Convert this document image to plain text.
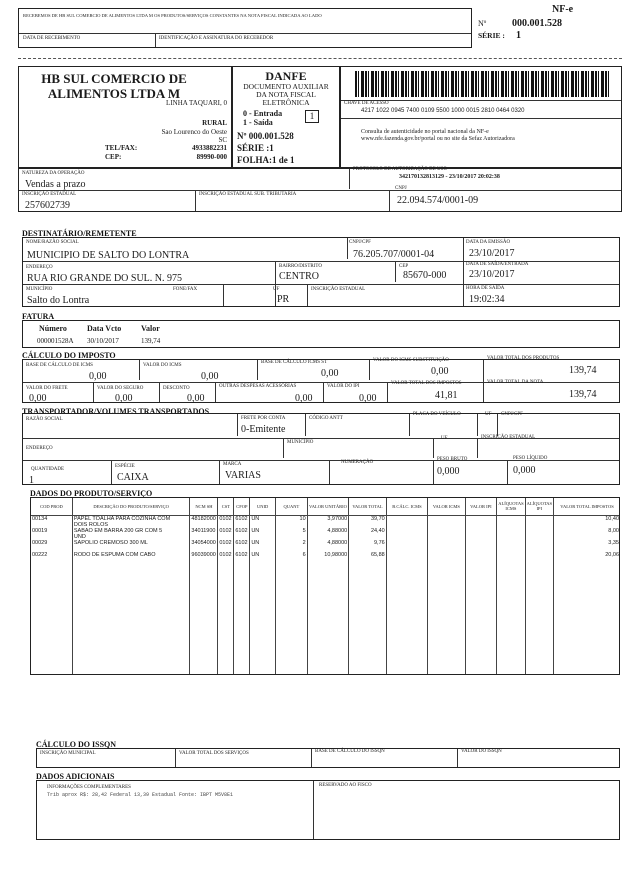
RECEBEMOS DE HB SUL COMERCIO DE ALIMENTOS LTDA M OS PRODUTOS/SERVIÇOS CONSTANTES NA NOTA FISCAL INDICADA AO LADO
DATA DE RECEBIMENTO	IDENTIFICAÇÃO E ASSINATURA DO RECEBEDOR
NF-e
Nº	000.001.528
SÉRIE : 1
HB SUL COMERCIO DE ALIMENTOS LTDA M
LINHA TAQUARI, 0
RURAL
Sao Lourenco do Oeste
SC
TEL/FAX:	4933882231
CEP:	89990-000
DANFE
DOCUMENTO AUXILIAR
DA NOTA FISCAL
ELETRÔNICA
0 - Entrada
1 - Saída
1
Nº 000.001.528
SÉRIE :1
FOLHA:1 de 1
CHAVE DE ACESSO
4217 1022 0945 7400 0109 5500 1000 0015 2810 0464 0320
Consulta de autenticidade no portal nacional da NF-e www.nfe.fazenda.gov.br/portal ou no site da Sefaz Autorizadora
NATUREZA DA OPERAÇÃO
Vendas a prazo
PROTOCOLO DE AUTORIZAÇÃO DE USO
342170132813129 - 23/10/2017 20:02:38
INSCRIÇÃO ESTADUAL
257602739
INSCRIÇÃO ESTADUAL SUB. TRIBUTARIA
CNPJ
22.094.574/0001-09
DESTINATÁRIO/REMETENTE
NOME/RAZÃO SOCIAL
MUNICIPIO DE SALTO DO LONTRA
CNPJ/CPF
76.205.707/0001-04
DATA DA EMISSÃO
23/10/2017
ENDEREÇO
RUA RIO GRANDE DO SUL. N. 975
BAIRRO/DISTRITO
CENTRO
CEP
85670-000
DATA DE SAÍDA/ENTRADA
23/10/2017
MUNICÍPIO
Salto do Lontra
FONE/FAX	UF
PR
INSCRIÇÃO ESTADUAL	HORA DE SAÍDA
19:02:34
FATURA
Número	Data Vcto Valor
000001528A 30/10/2017	139,74
CÁLCULO DO IMPOSTO
BASE DE CÁLCULO DE ICMS
0,00
VALOR DO ICMS
0,00
BASE DE CÁLCULO ICMS ST
0,00
VALOR DO ICMS SUBSTITUIÇÃO
0,00
VALOR TOTAL DOS PRODUTOS
139,74
VALOR DO FRETE
0,00
VALOR DO SEGURO
0,00
DESCONTO
0,00
OUTRAS DESPESAS ACESSÓRIAS
0,00
VALOR DO IPI
0,00
VALOR TOTAL DOS IMPOSTOS
41,81
VALOR TOTAL DA NOTA
139,74
TRANSPORTADOR/VOLUMES TRANSPORTADOS
RAZÃO SOCIAL	FRETE POR CONTA
0-Emitente
CÓDIGO ANTT
PLACA DO VEÍCULO	UF CNPJ/CPF
ENDEREÇO
MUNICÍPIO
UF	INSCRIÇÃO ESTADUAL
QUANTIDADE
1
ESPÉCIE
CAIXA
MARCA
VARIAS
NUMERAÇÃO
PESO BRUTO
0,000
PESO LÍQUIDO
0,000
DADOS DO PRODUTO/SERVIÇO
COD PROD	DESCRIÇÃO DO PRODUTO/SERVIÇO	NCM SH	CST	CFOP	UNID	QUANT	VALOR UNITÁRIO	VALOR TOTAL	B.CÁLC. ICMS	VALOR ICMS	VALOR IPI	ALÍQUOTAS ICMS	ALÍQUOTAS IPI	VALOR TOTAL IMPOSTOS
00134	PAPEL TOALHA PARA COZINHA COM
DOIS ROLOS	48182000	0102	6102	UN	10	3,97000	39,70						10,40
00019	SABAO EM BARRA 200 GR COM 5
UND	34011900	0102	6102	UN	5	4,88000	24,40						8,00
00029	SAPOLIO CREMOSO 300 ML	34054000	0102	6102	UN	2	4,88000	9,76						3,35
00222	RODO DE ESPUMA COM CABO	96039000	0102	6102	UN	6	10,98000	65,88						20,06

CÁLCULO DO ISSQN
INSCRIÇÃO MUNICIPAL	VALOR TOTAL DOS SERVIÇOS	BASE DE CÁLCULO DO ISSQN	VALOR DO ISSQN
DADOS ADICIONAIS
INFORMAÇÕES COMPLEMENTARES
Trib aprox R$: 28,42 Federal 13,39 Estadual Fonte: IBPT M5V8E1
RESERVADO AO FISCO
